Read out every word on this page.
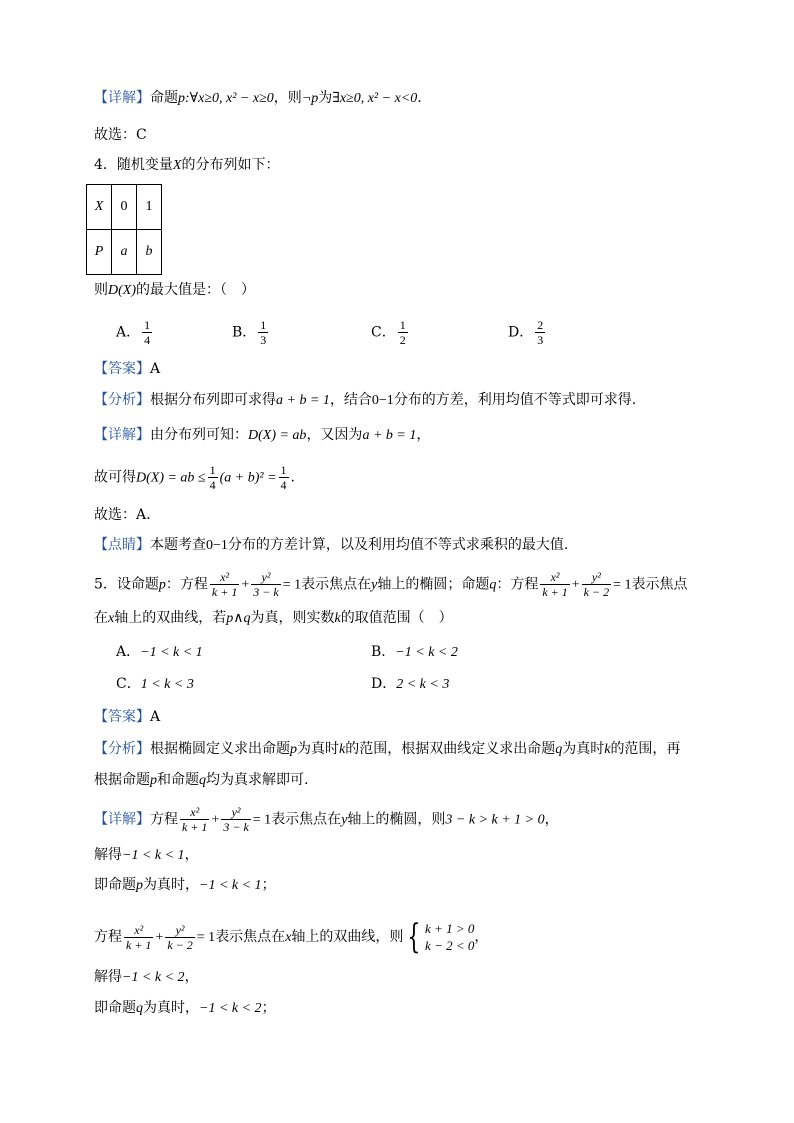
【详解】命题p:∀x≥0, x² − x≥0，则¬p为∃x≥0, x² − x<0.
故选：C
4．随机变量X的分布列如下：
X	0	1
P	a	b
则D(X)的最大值是：（　）
A． $\frac{1}{4}$	B． $\frac{1}{3}$	C． $\frac{1}{2}$	D． $\frac{2}{3}$
【答案】A
【分析】根据分布列即可求得a + b = 1，结合0−1分布的方差，利用均值不等式即可求得.
【详解】由分布列可知：D(X) = ab，又因为a + b = 1，
故可得D(X) = ab ≤ $\frac{1}{4} (a + b)^2 = \frac{1}{4}$ .
故选：A.
【点睛】本题考查0−1分布的方差计算，以及利用均值不等式求乘积的最大值.
5．设命题p：方程 $\frac{\text{x²}}{k + 1} + \frac{\text{y²}}{3 - k} = 1$表示焦点在y轴上的椭圆；命题q：方程 $\frac{\text{x²}}{k + 1} + \frac{\text{y²}}{k - 2} = 1$表示焦点
在x轴上的双曲线，若p∧q为真，则实数k的取值范围（　）
A．−1 < k < 1	B．−1 < k < 2
C．1 < k < 3	D．2 < k < 3
【答案】A
【分析】根据椭圆定义求出命题p为真时k的范围，根据双曲线定义求出命题q为真时k的范围，再
根据命题p和命题q均为真求解即可.
【详解】方程 $\frac{\text{x²}}{k + 1} + \frac{\text{y²}}{3 - k} = 1$表示焦点在y轴上的椭圆，则3 − k > k + 1 > 0，
解得−1 < k < 1，
即命题p为真时，−1 < k < 1；
方程 $\frac{\text{x²}}{k + 1} + \frac{\text{y²}}{k - 2} = 1$表示焦点在x轴上的双曲线，则 { k + 1 > 0
k − 2 < 0
，
解得−1 < k < 2，
即命题q为真时，−1 < k < 2；
